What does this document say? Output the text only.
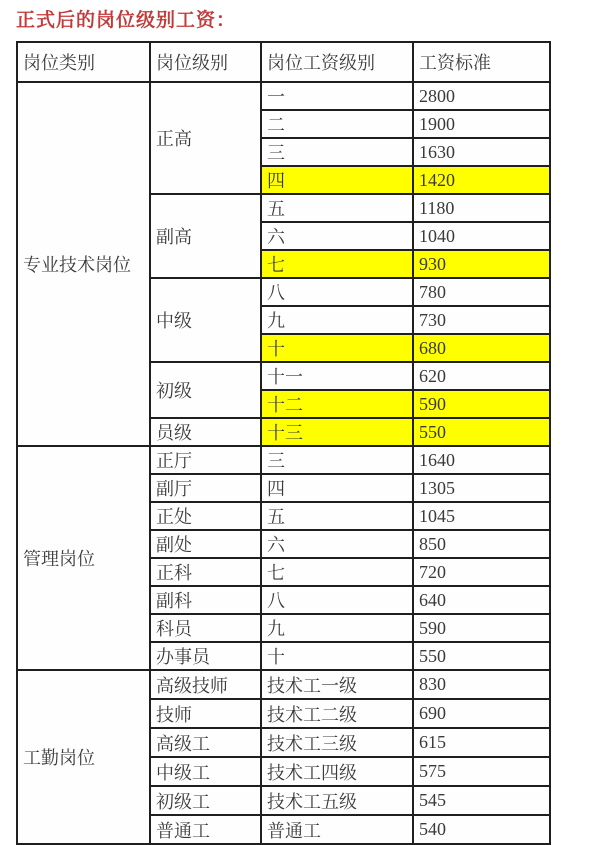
正式后的岗位级别工资：
岗位类别	岗位级别	岗位工资级别	工资标准
专业技术岗位	正高	一	2800
		二	1900
		三	1630
		四	1420
	副高	五	1180
		六	1040
		七	930
	中级	八	780
		九	730
		十	680
	初级	十一	620
		十二	590
	员级	十三	550
管理岗位	正厅	三	1640
	副厅	四	1305
	正处	五	1045
	副处	六	850
	正科	七	720
	副科	八	640
	科员	九	590
	办事员	十	550
工勤岗位	高级技师	技术工一级	830
	技师	技术工二级	690
	高级工	技术工三级	615
	中级工	技术工四级	575
	初级工	技术工五级	545
	普通工	普通工	540
